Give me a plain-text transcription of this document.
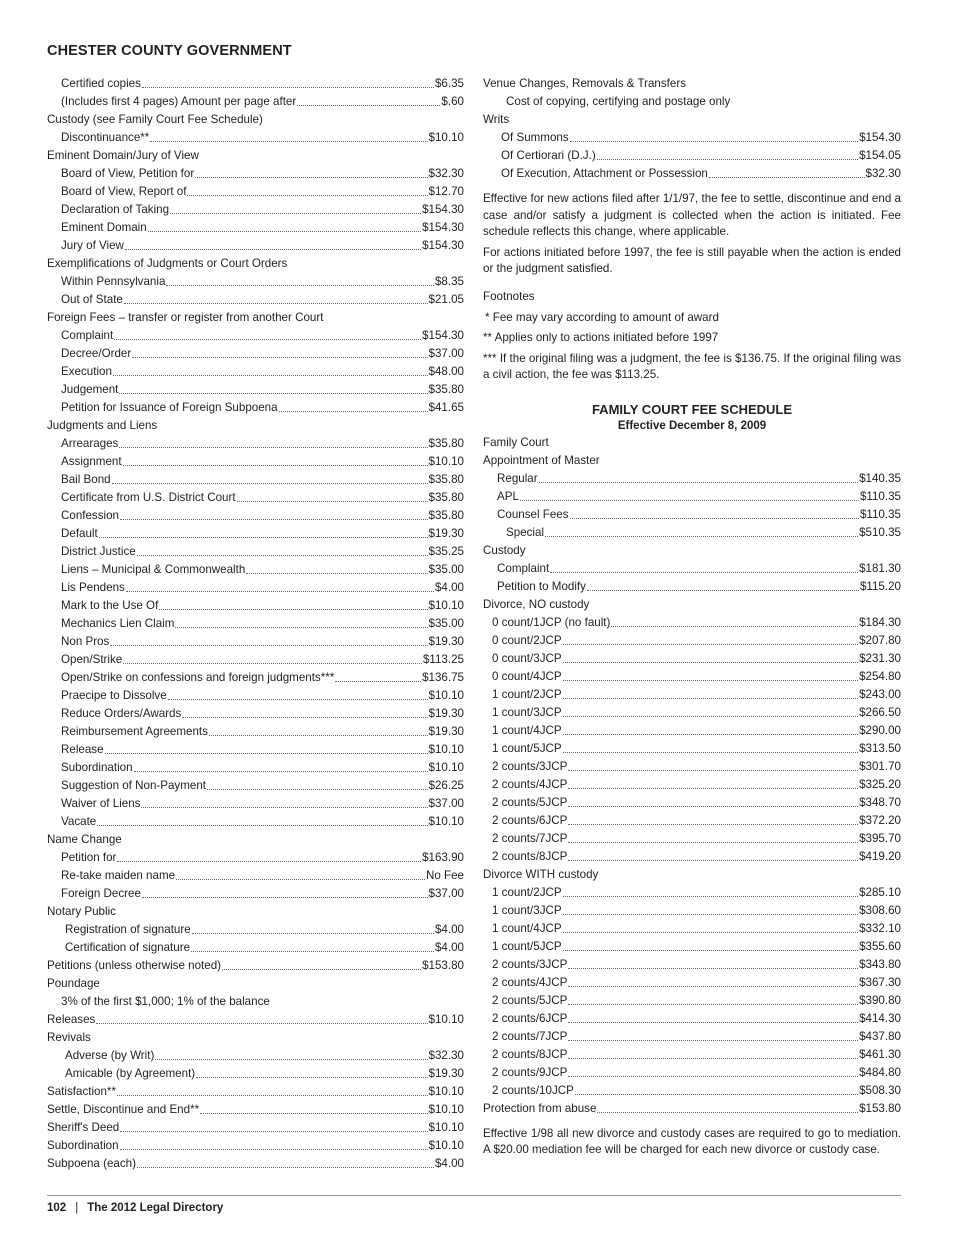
CHESTER COUNTY GOVERNMENT
Certified copies	$6.35
(Includes first 4 pages) Amount per page after	$.60
Custody (see Family Court Fee Schedule)
Discontinuance**	$10.10
Eminent Domain/Jury of View
Board of View, Petition for	$32.30
Board of View, Report of	$12.70
Declaration of Taking	$154.30
Eminent Domain	$154.30
Jury of View	$154.30
Exemplifications of Judgments or Court Orders
Within Pennsylvania	$8.35
Out of State	$21.05
Foreign Fees – transfer or register from another Court
Complaint	$154.30
Decree/Order	$37.00
Execution	$48.00
Judgement	$35.80
Petition for Issuance of Foreign Subpoena	$41.65
Judgments and Liens
Arrearages	$35.80
Assignment	$10.10
Bail Bond	$35.80
Certificate from U.S. District Court	$35.80
Confession	$35.80
Default	$19.30
District Justice	$35.25
Liens – Municipal & Commonwealth	$35.00
Lis Pendens	$4.00
Mark to the Use Of	$10.10
Mechanics Lien Claim	$35.00
Non Pros	$19.30
Open/Strike	$113.25
Open/Strike on confessions and foreign judgments***	$136.75
Praecipe to Dissolve	$10.10
Reduce Orders/Awards	$19.30
Reimbursement Agreements	$19.30
Release	$10.10
Subordination	$10.10
Suggestion of Non-Payment	$26.25
Waiver of Liens	$37.00
Vacate	$10.10
Name Change
Petition for	$163.90
Re-take maiden name	No Fee
Foreign Decree	$37.00
Notary Public
Registration of signature	$4.00
Certification of signature	$4.00
Petitions (unless otherwise noted)	$153.80
Poundage
3% of the first $1,000; 1% of the balance
Releases	$10.10
Revivals
Adverse (by Writ)	$32.30
Amicable (by Agreement)	$19.30
Satisfaction**	$10.10
Settle, Discontinue and End**	$10.10
Sheriff's Deed	$10.10
Subordination	$10.10
Subpoena (each)	$4.00
Venue Changes, Removals & Transfers
Cost of copying, certifying and postage only
Writs
Of Summons	$154.30
Of Certiorari (D.J.)	$154.05
Of Execution, Attachment or Possession	$32.30

Effective for new actions filed after 1/1/97, the fee to settle, discontinue and end a case and/or satisfy a judgment is collected when the action is initiated. Fee schedule reflects this change, where applicable.

For actions initiated before 1997, the fee is still payable when the action is ended or the judgment satisfied.

Footnotes

* Fee may vary according to amount of award

** Applies only to actions initiated before 1997

*** If the original filing was a judgment, the fee is $136.75. If the original filing was a civil action, the fee was $113.25.

FAMILY COURT FEE SCHEDULE
Effective December 8, 2009
Family Court
Appointment of Master
Regular	$140.35
APL	$110.35
Counsel Fees	$110.35
Special	$510.35
Custody
Complaint	$181.30
Petition to Modify	$115.20
Divorce, NO custody
0 count/1JCP (no fault)	$184.30
0 count/2JCP	$207.80
0 count/3JCP	$231.30
0 count/4JCP	$254.80
1 count/2JCP	$243.00
1 count/3JCP	$266.50
1 count/4JCP	$290.00
1 count/5JCP	$313.50
2 counts/3JCP	$301.70
2 counts/4JCP	$325.20
2 counts/5JCP	$348.70
2 counts/6JCP	$372.20
2 counts/7JCP	$395.70
2 counts/8JCP	$419.20
Divorce WITH custody
1 count/2JCP	$285.10
1 count/3JCP	$308.60
1 count/4JCP	$332.10
1 count/5JCP	$355.60
2 counts/3JCP	$343.80
2 counts/4JCP	$367.30
2 counts/5JCP	$390.80
2 counts/6JCP	$414.30
2 counts/7JCP	$437.80
2 counts/8JCP	$461.30
2 counts/9JCP	$484.80
2 counts/10JCP	$508.30
Protection from abuse	$153.80

Effective 1/98 all new divorce and custody cases are required to go to mediation. A $20.00 mediation fee will be charged for each new divorce or custody case.

102 | The 2012 Legal Directory
